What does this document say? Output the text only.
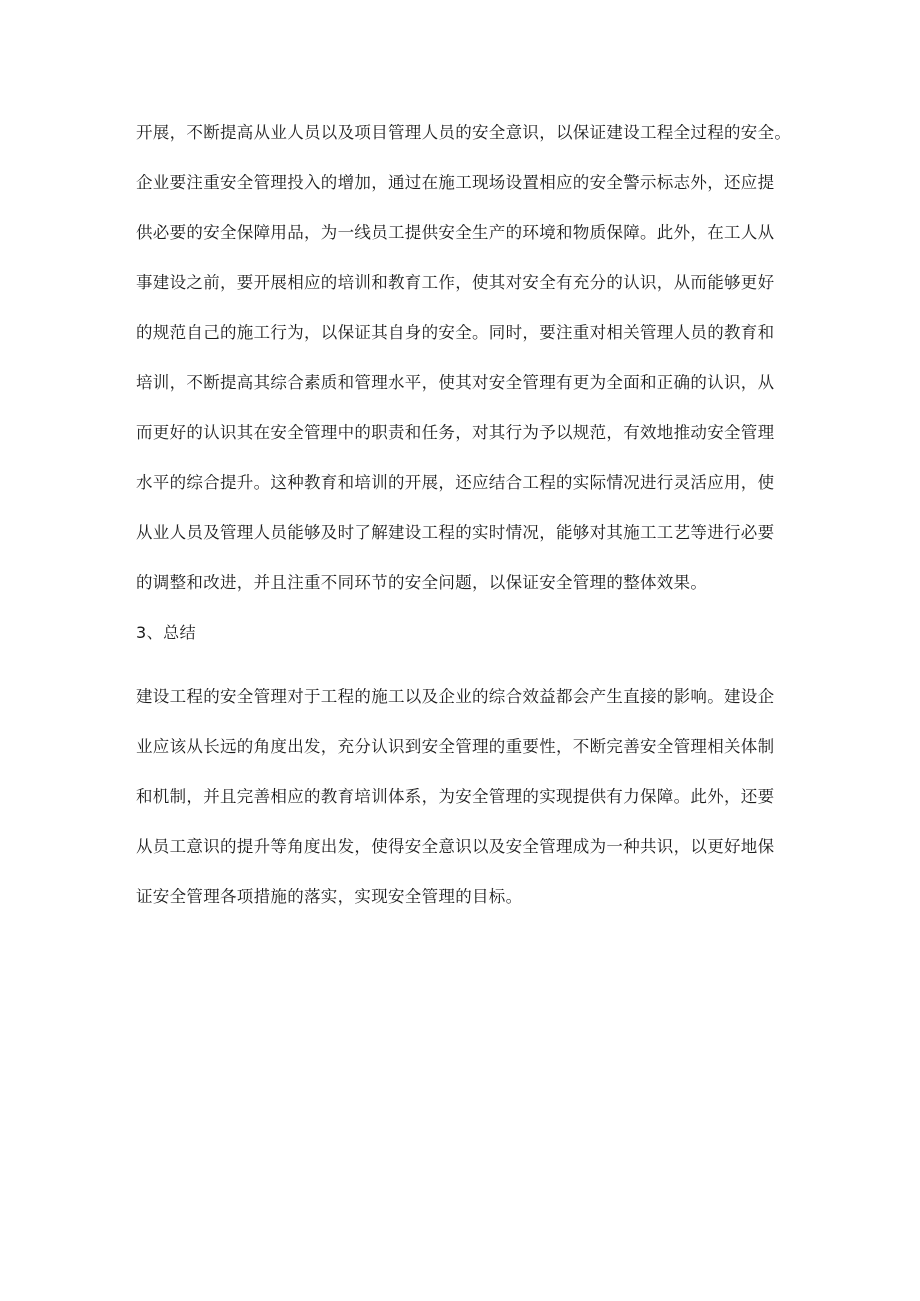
开展，不断提高从业人员以及项目管理人员的安全意识，以保证建设工程全过程的安全。
企业要注重安全管理投入的增加，通过在施工现场设置相应的安全警示标志外，还应提
供必要的安全保障用品，为一线员工提供安全生产的环境和物质保障。此外，在工人从
事建设之前，要开展相应的培训和教育工作，使其对安全有充分的认识，从而能够更好
的规范自己的施工行为，以保证其自身的安全。同时，要注重对相关管理人员的教育和
培训，不断提高其综合素质和管理水平，使其对安全管理有更为全面和正确的认识，从
而更好的认识其在安全管理中的职责和任务，对其行为予以规范，有效地推动安全管理
水平的综合提升。这种教育和培训的开展，还应结合工程的实际情况进行灵活应用，使
从业人员及管理人员能够及时了解建设工程的实时情况，能够对其施工工艺等进行必要
的调整和改进，并且注重不同环节的安全问题，以保证安全管理的整体效果。
3、总结
建设工程的安全管理对于工程的施工以及企业的综合效益都会产生直接的影响。建设企
业应该从长远的角度出发，充分认识到安全管理的重要性，不断完善安全管理相关体制
和机制，并且完善相应的教育培训体系，为安全管理的实现提供有力保障。此外，还要
从员工意识的提升等角度出发，使得安全意识以及安全管理成为一种共识，以更好地保
证安全管理各项措施的落实，实现安全管理的目标。
